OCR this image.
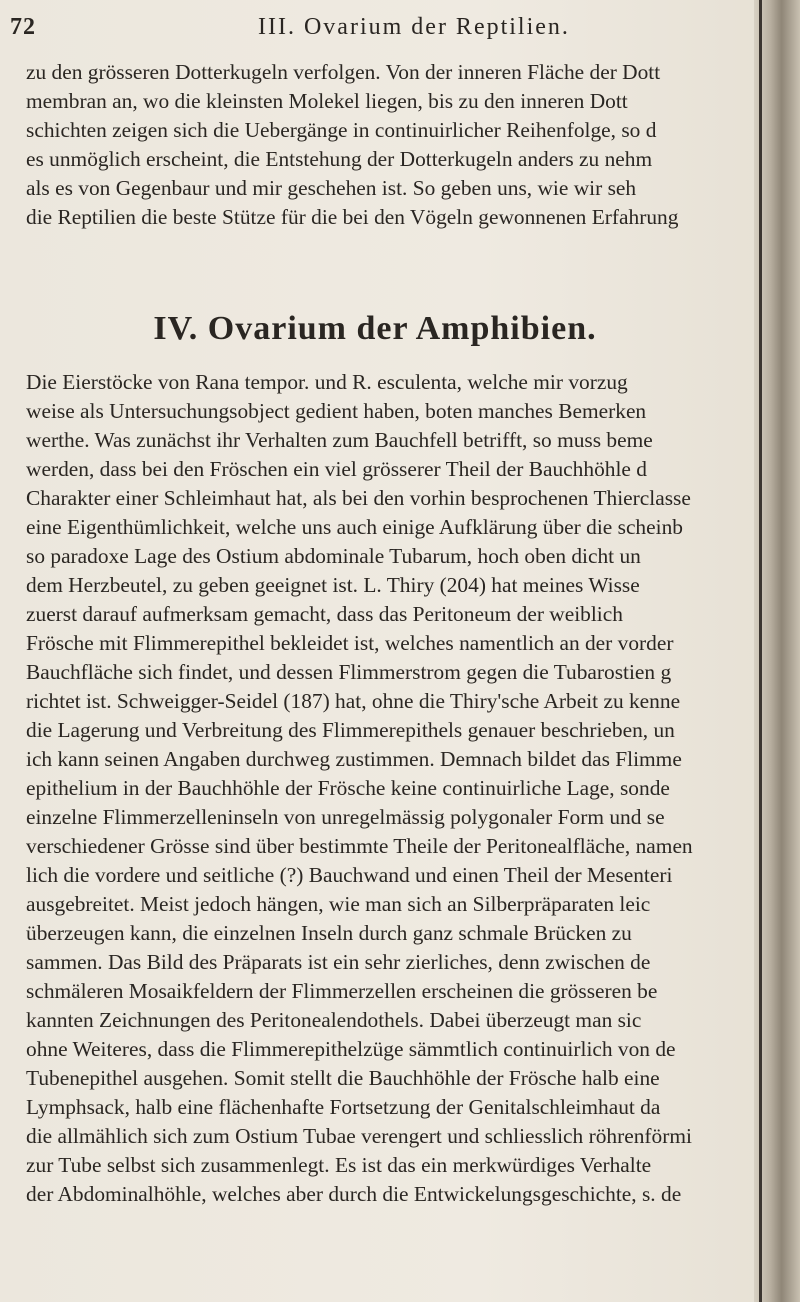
72	III. Ovarium der Reptilien.

zu den grösseren Dotterkugeln verfolgen. Von der inneren Fläche der Dott
membran an, wo die kleinsten Molekel liegen, bis zu den inneren Dott
schichten zeigen sich die Uebergänge in continuirlicher Reihenfolge, so d
es unmöglich erscheint, die Entstehung der Dotterkugeln anders zu nehm
als es von Gegenbaur und mir geschehen ist. So geben uns, wie wir seh
die Reptilien die beste Stütze für die bei den Vögeln gewonnenen Erfahrung

IV. Ovarium der Amphibien.

Die Eierstöcke von Rana tempor. und R. esculenta, welche mir vorzug
weise als Untersuchungsobject gedient haben, boten manches Bemerken
werthe. Was zunächst ihr Verhalten zum Bauchfell betrifft, so muss beme
werden, dass bei den Fröschen ein viel grösserer Theil der Bauchhöhle d
Charakter einer Schleimhaut hat, als bei den vorhin besprochenen Thierclasse
eine Eigenthümlichkeit, welche uns auch einige Aufklärung über die scheinb
so paradoxe Lage des Ostium abdominale Tubarum, hoch oben dicht un
dem Herzbeutel, zu geben geeignet ist. L. Thiry (204) hat meines Wisse
zuerst darauf aufmerksam gemacht, dass das Peritoneum der weiblich
Frösche mit Flimmerepithel bekleidet ist, welches namentlich an der vorder
Bauchfläche sich findet, und dessen Flimmerstrom gegen die Tubarostien g
richtet ist. Schweigger-Seidel (187) hat, ohne die Thiry'sche Arbeit zu kenne
die Lagerung und Verbreitung des Flimmerepithels genauer beschrieben, un
ich kann seinen Angaben durchweg zustimmen. Demnach bildet das Flimme
epithelium in der Bauchhöhle der Frösche keine continuirliche Lage, sonde
einzelne Flimmerzelleninseln von unregelmässig polygonaler Form und se
verschiedener Grösse sind über bestimmte Theile der Peritonealfläche, namen
lich die vordere und seitliche (?) Bauchwand und einen Theil der Mesenteri
ausgebreitet. Meist jedoch hängen, wie man sich an Silberpräparaten leic
überzeugen kann, die einzelnen Inseln durch ganz schmale Brücken zu
sammen. Das Bild des Präparats ist ein sehr zierliches, denn zwischen de
schmäleren Mosaikfeldern der Flimmerzellen erscheinen die grösseren be
kannten Zeichnungen des Peritonealendothels. Dabei überzeugt man sic
ohne Weiteres, dass die Flimmerepithelzüge sämmtlich continuirlich von de
Tubenepithel ausgehen. Somit stellt die Bauchhöhle der Frösche halb eine
Lymphsack, halb eine flächenhafte Fortsetzung der Genitalschleimhaut da
die allmählich sich zum Ostium Tubae verengert und schliesslich röhrenförmi
zur Tube selbst sich zusammenlegt. Es ist das ein merkwürdiges Verhalte
der Abdominalhöhle, welches aber durch die Entwickelungsgeschichte, s. de
